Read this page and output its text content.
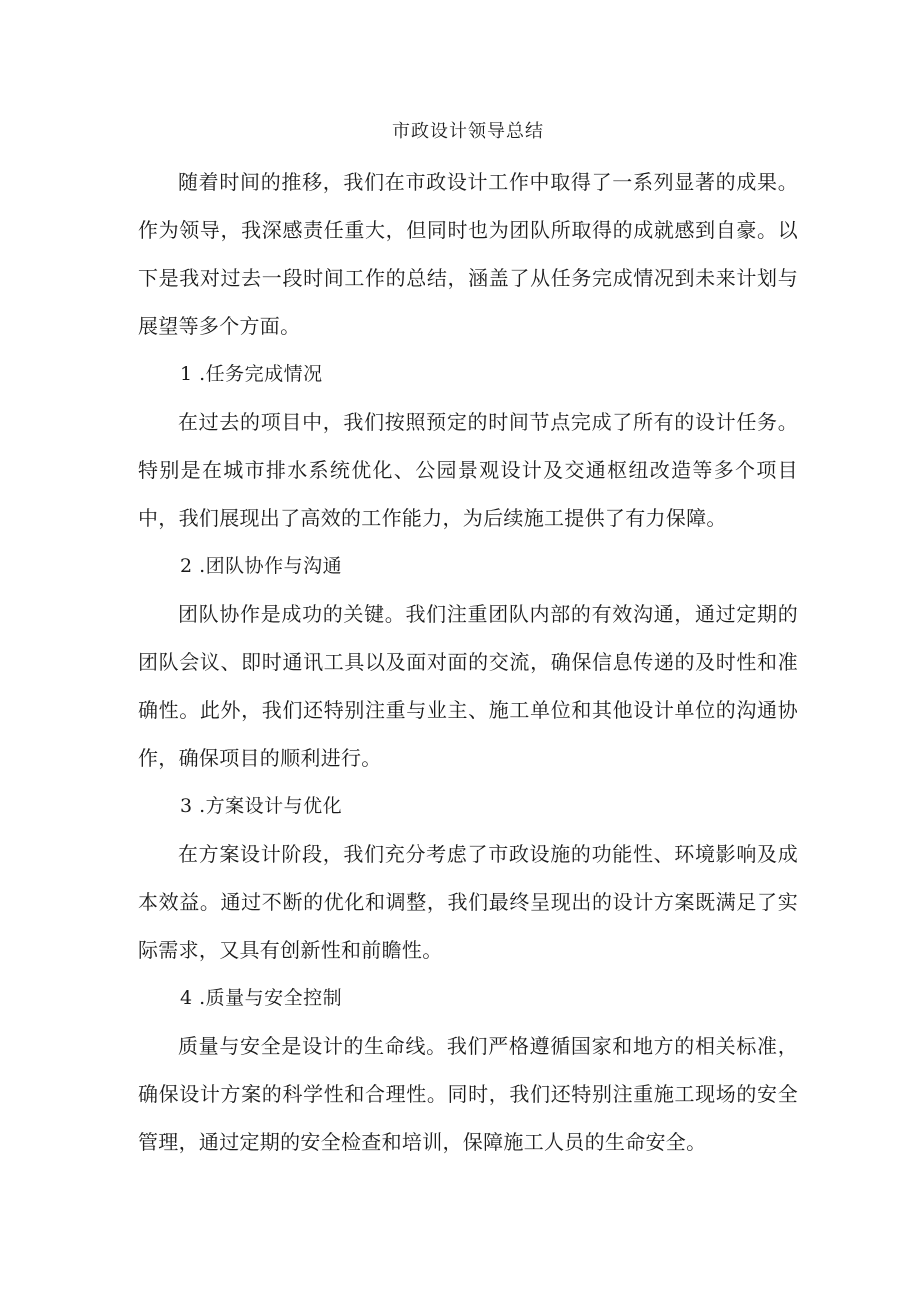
市政设计领导总结

随着时间的推移，我们在市政设计工作中取得了一系列显著的成果。作为领导，我深感责任重大，但同时也为团队所取得的成就感到自豪。以下是我对过去一段时间工作的总结，涵盖了从任务完成情况到未来计划与展望等多个方面。

1 .任务完成情况

在过去的项目中，我们按照预定的时间节点完成了所有的设计任务。特别是在城市排水系统优化、公园景观设计及交通枢纽改造等多个项目中，我们展现出了高效的工作能力，为后续施工提供了有力保障。

2 .团队协作与沟通

团队协作是成功的关键。我们注重团队内部的有效沟通，通过定期的团队会议、即时通讯工具以及面对面的交流，确保信息传递的及时性和准确性。此外，我们还特别注重与业主、施工单位和其他设计单位的沟通协作，确保项目的顺利进行。

3 .方案设计与优化

在方案设计阶段，我们充分考虑了市政设施的功能性、环境影响及成本效益。通过不断的优化和调整，我们最终呈现出的设计方案既满足了实际需求，又具有创新性和前瞻性。

4 .质量与安全控制

质量与安全是设计的生命线。我们严格遵循国家和地方的相关标准，确保设计方案的科学性和合理性。同时，我们还特别注重施工现场的安全管理，通过定期的安全检查和培训，保障施工人员的生命安全。
